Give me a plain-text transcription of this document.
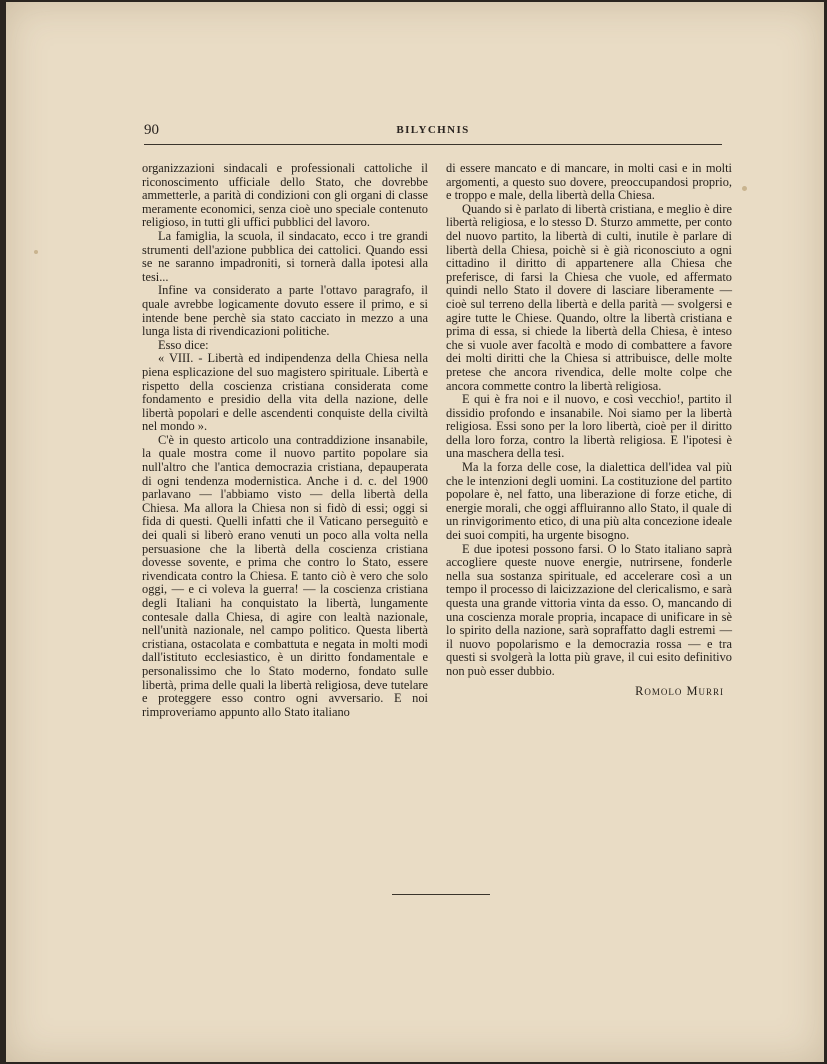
90	BILYCHNIS

organizzazioni sindacali e professionali cattoliche il riconoscimento ufficiale dello Stato, che dovrebbe ammetterle, a parità di condizioni con gli organi di classe meramente economici, senza cioè uno speciale contenuto religioso, in tutti gli uffici pubblici del lavoro.

La famiglia, la scuola, il sindacato, ecco i tre grandi strumenti dell'azione pubblica dei cattolici. Quando essi se ne saranno impadroniti, si tornerà dalla ipotesi alla tesi...

Infine va considerato a parte l'ottavo paragrafo, il quale avrebbe logicamente dovuto essere il primo, e si intende bene perchè sia stato cacciato in mezzo a una lunga lista di rivendicazioni politiche.

Esso dice:

« VIII. - Libertà ed indipendenza della Chiesa nella piena esplicazione del suo magistero spirituale. Libertà e rispetto della coscienza cristiana considerata come fondamento e presidio della vita della nazione, delle libertà popolari e delle ascendenti conquiste della civiltà nel mondo ».

C'è in questo articolo una contraddizione insanabile, la quale mostra come il nuovo partito popolare sia null'altro che l'antica democrazia cristiana, depauperata di ogni tendenza modernistica. Anche i d. c. del 1900 parlavano — l'abbiamo visto — della libertà della Chiesa. Ma allora la Chiesa non si fidò di essi; oggi si fida di questi. Quelli infatti che il Vaticano perseguitò e dei quali si liberò erano venuti un poco alla volta nella persuasione che la libertà della coscienza cristiana dovesse sovente, e prima che contro lo Stato, essere rivendicata contro la Chiesa. E tanto ciò è vero che solo oggi, — e ci voleva la guerra! — la coscienza cristiana degli Italiani ha conquistato la libertà, lungamente contesale dalla Chiesa, di agire con lealtà nazionale, nell'unità nazionale, nel campo politico. Questa libertà cristiana, ostacolata e combattuta e negata in molti modi dall'istituto ecclesiastico, è un diritto fondamentale e personalissimo che lo Stato moderno, fondato sulle libertà, prima delle quali la libertà religiosa, deve tutelare e proteggere esso contro ogni avversario. E noi rimproveriamo appunto allo Stato italiano

di essere mancato e di mancare, in molti casi e in molti argomenti, a questo suo dovere, preoccupandosi proprio, e troppo e male, della libertà della Chiesa.

Quando si è parlato di libertà cristiana, e meglio è dire libertà religiosa, e lo stesso D. Sturzo ammette, per conto del nuovo partito, la libertà di culti, inutile è parlare di libertà della Chiesa, poichè si è già riconosciuto a ogni cittadino il diritto di appartenere alla Chiesa che preferisce, di farsi la Chiesa che vuole, ed affermato quindi nello Stato il dovere di lasciare liberamente — cioè sul terreno della libertà e della parità — svolgersi e agire tutte le Chiese. Quando, oltre la libertà cristiana e prima di essa, si chiede la libertà della Chiesa, è inteso che si vuole aver facoltà e modo di combattere a favore dei molti diritti che la Chiesa si attribuisce, delle molte pretese che ancora rivendica, delle molte colpe che ancora commette contro la libertà religiosa.

E qui è fra noi e il nuovo, e così vecchio!, partito il dissidio profondo e insanabile. Noi siamo per la libertà religiosa. Essi sono per la loro libertà, cioè per il diritto della loro forza, contro la libertà religiosa. E l'ipotesi è una maschera della tesi.

Ma la forza delle cose, la dialettica dell'idea val più che le intenzioni degli uomini. La costituzione del partito popolare è, nel fatto, una liberazione di forze etiche, di energie morali, che oggi affluiranno allo Stato, il quale di un rinvigorimento etico, di una più alta concezione ideale dei suoi compiti, ha urgente bisogno.

E due ipotesi possono farsi. O lo Stato italiano saprà accogliere queste nuove energie, nutrirsene, fonderle nella sua sostanza spirituale, ed accelerare così a un tempo il processo di laicizzazione del clericalismo, e sarà questa una grande vittoria vinta da esso. O, mancando di una coscienza morale propria, incapace di unificare in sè lo spirito della nazione, sarà sopraffatto dagli estremi — il nuovo popolarismo e la democrazia rossa — e tra questi si svolgerà la lotta più grave, il cui esito definitivo non può esser dubbio.

Romolo Murri
